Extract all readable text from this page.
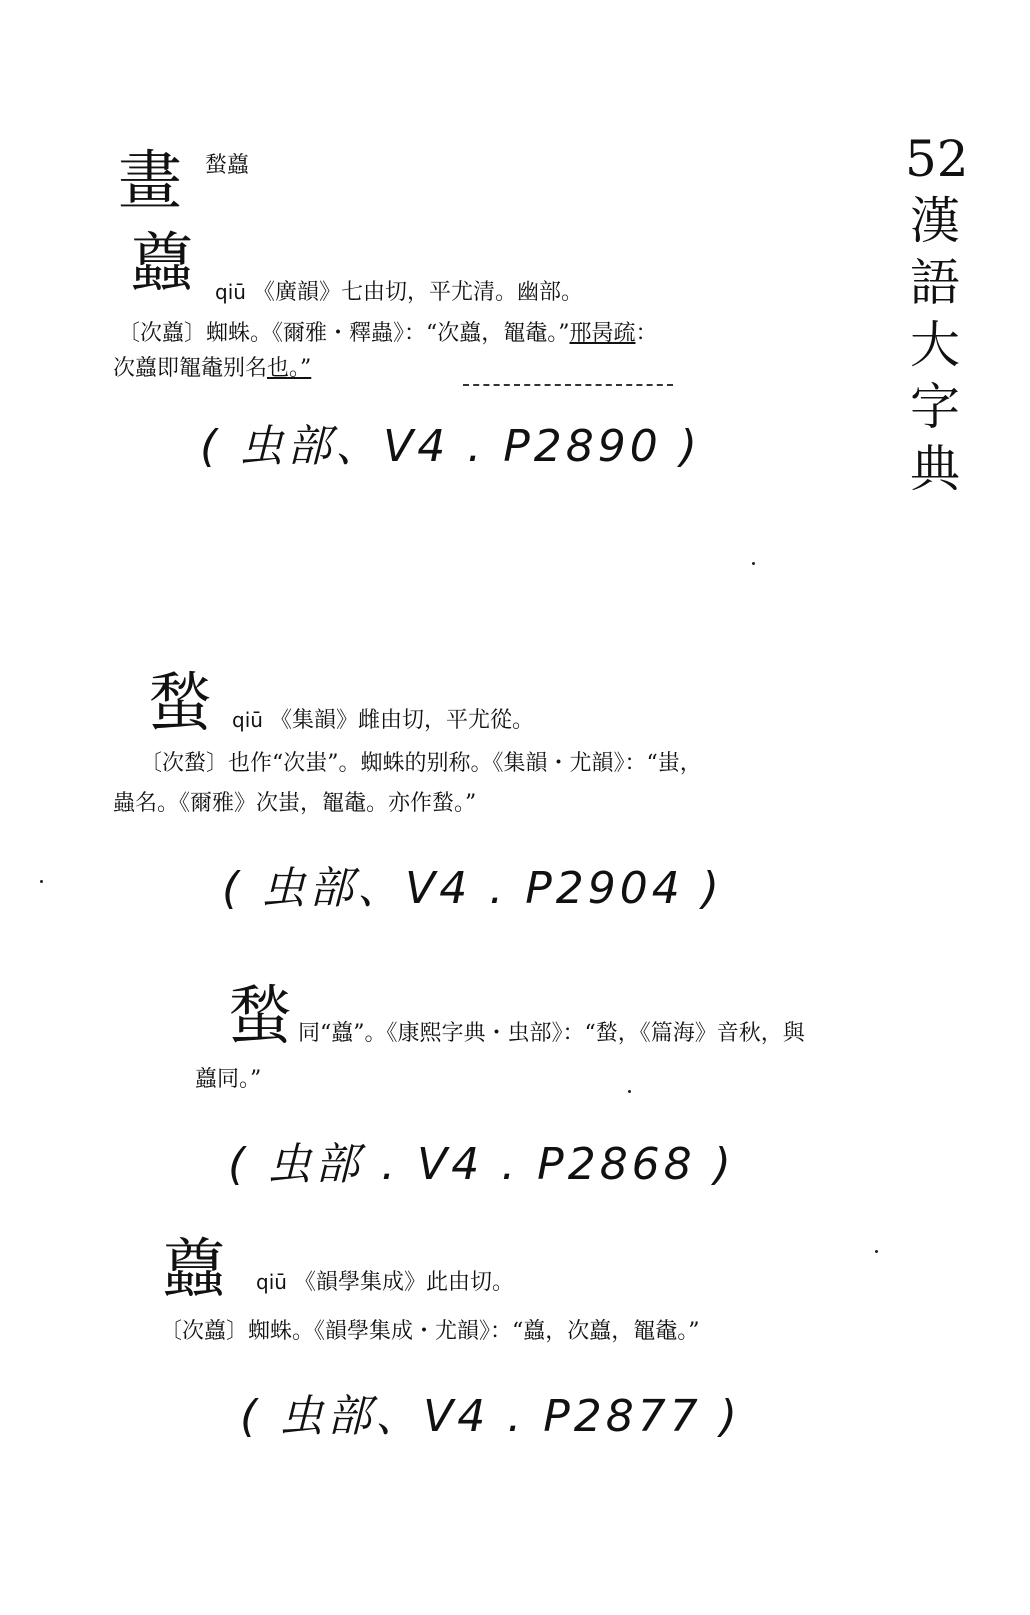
52
漢
語
大
字
典
畫 蝵蠤
蠤 qiū 《廣韻》七由切，平尤清。幽部。
〔次蠤〕蜘蛛。《爾雅・釋蟲》：“次蠤，鼅鼄。”邢昺疏：
次蠤即鼅鼄别名也。”
( 虫部、V4 . P2890 )
蝵 qiū 《集韻》雌由切，平尤從。
〔次蝵〕也作“次蚩”。蜘蛛的别称。《集韻・尤韻》：“蚩，
蟲名。《爾雅》次蚩，鼅鼄。亦作蝵。”
( 虫部、V4 . P2904 )
蝵 同“蠤”。《康熙字典・虫部》：“蝵，《篇海》音秋，與
蠤同。”
( 虫部 . V4 . P2868 )
蠤 qiū 《韻學集成》此由切。
〔次蠤〕蜘蛛。《韻學集成・尤韻》：“蠤，次蠤，鼅鼄。”
( 虫部、V4 . P2877 )
